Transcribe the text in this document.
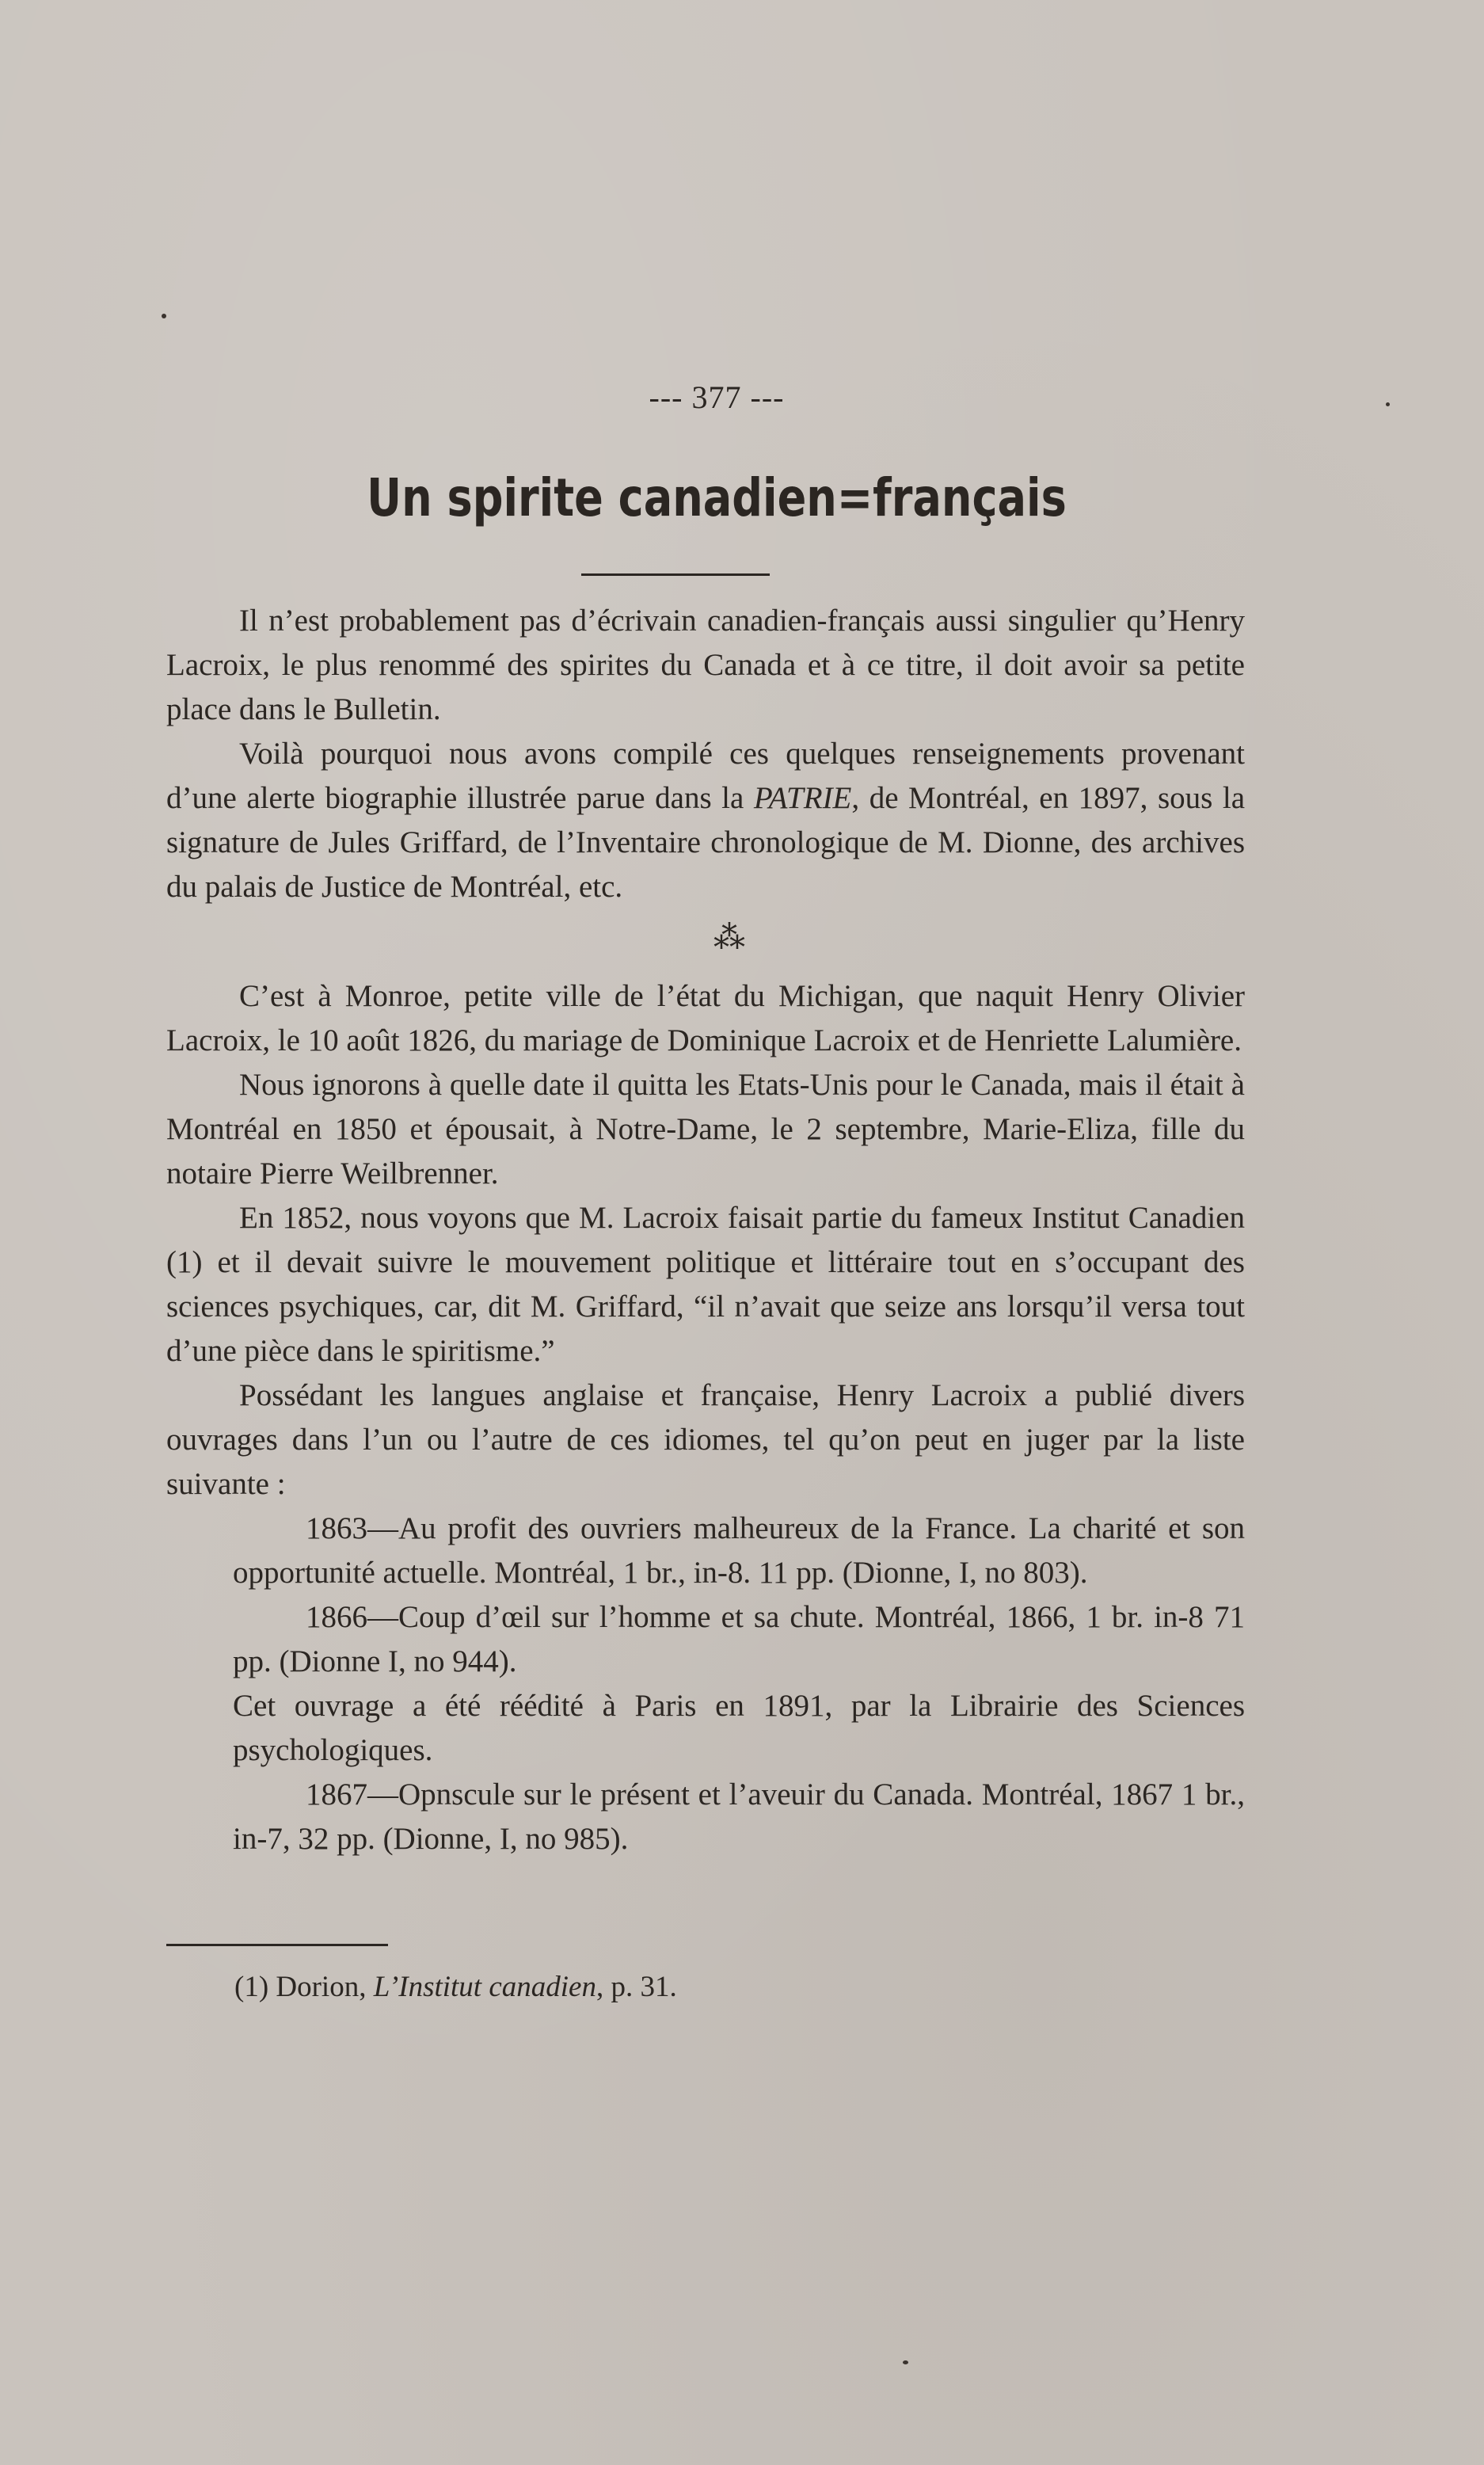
--- 377 ---
Un spirite canadien=français

Il n’est probablement pas d’écrivain canadien-français aussi singulier qu’Henry Lacroix, le plus renommé des spirites du Canada et à ce titre, il doit avoir sa petite place dans le Bulletin.

Voilà pourquoi nous avons compilé ces quelques renseignements provenant d’une alerte biographie illustrée parue dans la PATRIE, de Montréal, en 1897, sous la signature de Jules Griffard, de l’Inventaire chronologique de M. Dionne, des archives du palais de Justice de Montréal, etc.

⁂

C’est à Monroe, petite ville de l’état du Michigan, que naquit Henry Olivier Lacroix, le 10 août 1826, du mariage de Dominique Lacroix et de Henriette Lalumière.

Nous ignorons à quelle date il quitta les Etats-Unis pour le Canada, mais il était à Montréal en 1850 et épousait, à Notre-Dame, le 2 septembre, Marie-Eliza, fille du notaire Pierre Weilbrenner.

En 1852, nous voyons que M. Lacroix faisait partie du fameux Institut Canadien (1) et il devait suivre le mouvement politique et littéraire tout en s’occupant des sciences psychiques, car, dit M. Griffard, “il n’avait que seize ans lorsqu’il versa tout d’une pièce dans le spiritisme.”

Possédant les langues anglaise et française, Henry Lacroix a publié divers ouvrages dans l’un ou l’autre de ces idiomes, tel qu’on peut en juger par la liste suivante :

1863—Au profit des ouvriers malheureux de la France. La charité et son opportunité actuelle. Montréal, 1 br., in-8. 11 pp. (Dionne, I, no 803).

1866—Coup d’œil sur l’homme et sa chute. Montréal, 1866, 1 br. in-8 71 pp. (Dionne I, no 944).

Cet ouvrage a été réédité à Paris en 1891, par la Librairie des Sciences psychologiques.

1867—Opnscule sur le présent et l’aveuir du Canada. Montréal, 1867 1 br., in-7, 32 pp. (Dionne, I, no 985).

(1) Dorion, L’Institut canadien, p. 31.
